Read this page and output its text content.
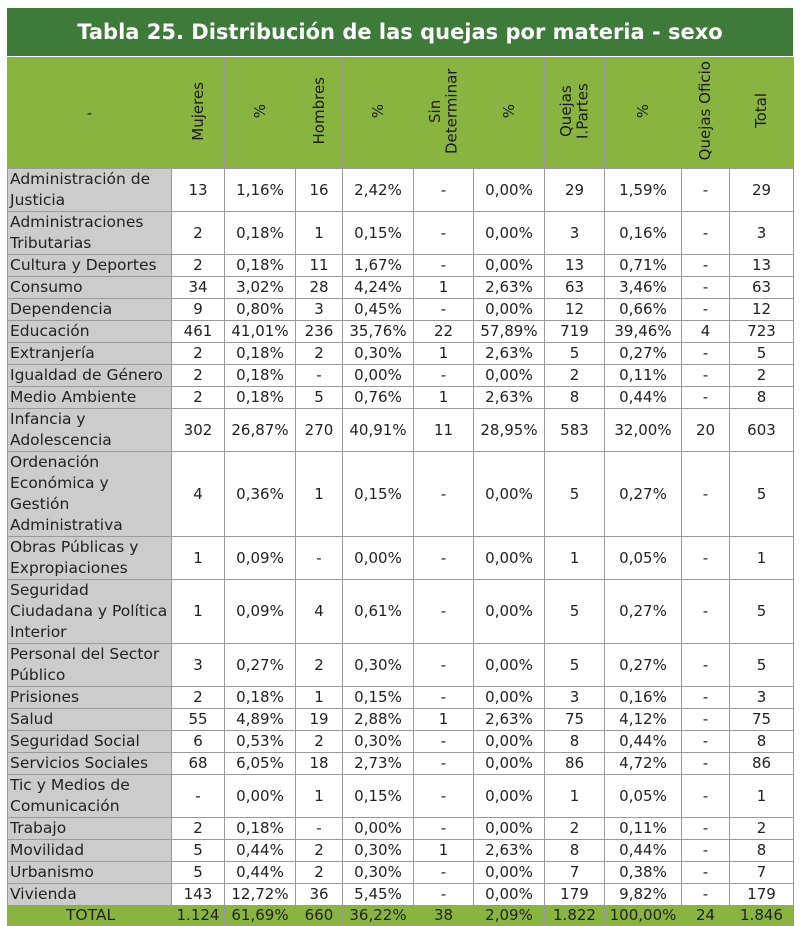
Tabla 25. Distribución de las quejas por materia - sexo
-	Mujeres	%	Hombres	%	Sin Determinar	%	Quejas I.Partes	%	Quejas Oficio	Total
Administración de Justicia	13	1,16%	16	2,42%	-	0,00%	29	1,59%	-	29
Administraciones Tributarias	2	0,18%	1	0,15%	-	0,00%	3	0,16%	-	3
Cultura y Deportes	2	0,18%	11	1,67%	-	0,00%	13	0,71%	-	13
Consumo	34	3,02%	28	4,24%	1	2,63%	63	3,46%	-	63
Dependencia	9	0,80%	3	0,45%	-	0,00%	12	0,66%	-	12
Educación	461	41,01%	236	35,76%	22	57,89%	719	39,46%	4	723
Extranjería	2	0,18%	2	0,30%	1	2,63%	5	0,27%	-	5
Igualdad de Género	2	0,18%	-	0,00%	-	0,00%	2	0,11%	-	2
Medio Ambiente	2	0,18%	5	0,76%	1	2,63%	8	0,44%	-	8
Infancia y Adolescencia	302	26,87%	270	40,91%	11	28,95%	583	32,00%	20	603
Ordenación Económica y Gestión Administrativa	4	0,36%	1	0,15%	-	0,00%	5	0,27%	-	5
Obras Públicas y Expropiaciones	1	0,09%	-	0,00%	-	0,00%	1	0,05%	-	1
Seguridad Ciudadana y Política Interior	1	0,09%	4	0,61%	-	0,00%	5	0,27%	-	5
Personal del Sector Público	3	0,27%	2	0,30%	-	0,00%	5	0,27%	-	5
Prisiones	2	0,18%	1	0,15%	-	0,00%	3	0,16%	-	3
Salud	55	4,89%	19	2,88%	1	2,63%	75	4,12%	-	75
Seguridad Social	6	0,53%	2	0,30%	-	0,00%	8	0,44%	-	8
Servicios Sociales	68	6,05%	18	2,73%	-	0,00%	86	4,72%	-	86
Tic y Medios de Comunicación	-	0,00%	1	0,15%	-	0,00%	1	0,05%	-	1
Trabajo	2	0,18%	-	0,00%	-	0,00%	2	0,11%	-	2
Movilidad	5	0,44%	2	0,30%	1	2,63%	8	0,44%	-	8
Urbanismo	5	0,44%	2	0,30%	-	0,00%	7	0,38%	-	7
Vivienda	143	12,72%	36	5,45%	-	0,00%	179	9,82%	-	179
TOTAL	1.124	61,69%	660	36,22%	38	2,09%	1.822	100,00%	24	1.846
